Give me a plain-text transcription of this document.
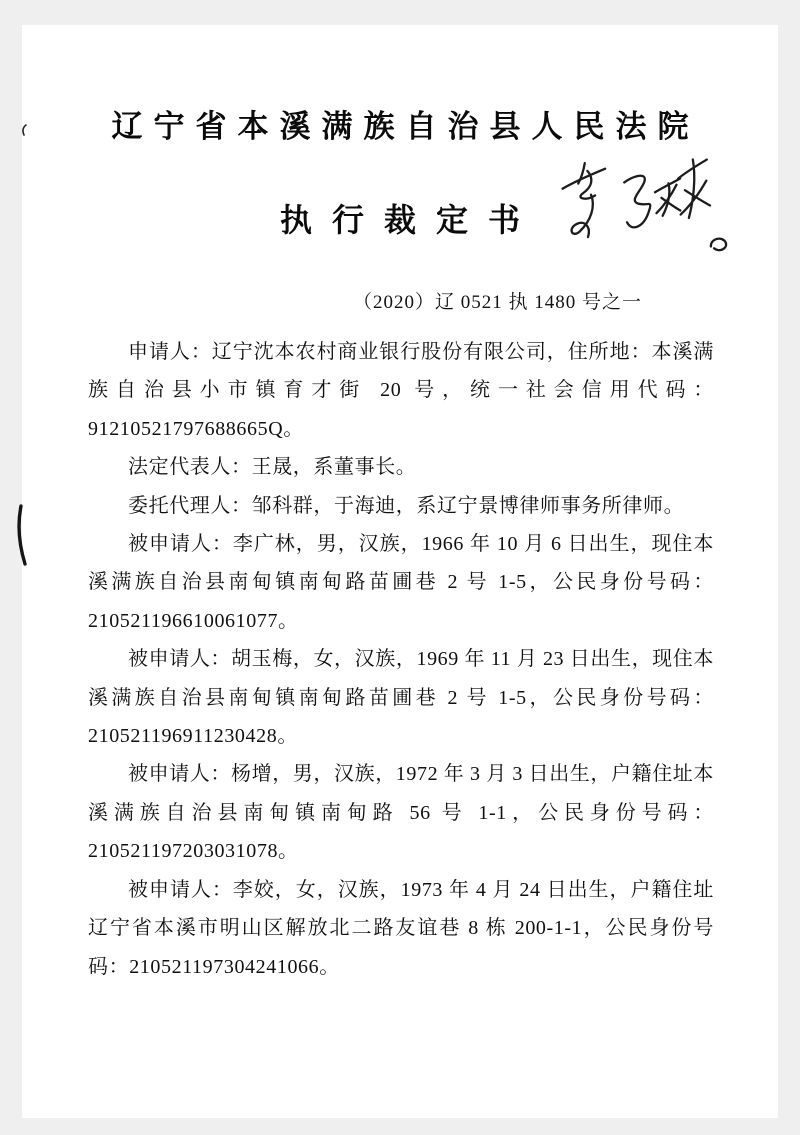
辽宁省本溪满族自治县人民法院
执 行 裁 定 书

（2020）辽 0521 执 1480 号之一

申请人：辽宁沈本农村商业银行股份有限公司，住所地：本溪满族自治县小市镇育才街 20 号，统一社会信用代码：91210521797688665Q。

法定代表人：王晟，系董事长。

委托代理人：邹科群，于海迪，系辽宁景博律师事务所律师。

被申请人：李广林，男，汉族，1966 年 10 月 6 日出生，现住本溪满族自治县南甸镇南甸路苗圃巷 2 号 1-5，公民身份号码：210521196610061077。

被申请人：胡玉梅，女，汉族，1969 年 11 月 23 日出生，现住本溪满族自治县南甸镇南甸路苗圃巷 2 号 1-5，公民身份号码：210521196911230428。

被申请人：杨增，男，汉族，1972 年 3 月 3 日出生，户籍住址本溪满族自治县南甸镇南甸路 56 号 1-1，公民身份号码：210521197203031078。

被申请人：李姣，女，汉族，1973 年 4 月 24 日出生，户籍住址辽宁省本溪市明山区解放北二路友谊巷 8 栋 200-1-1，公民身份号码：210521197304241066。
